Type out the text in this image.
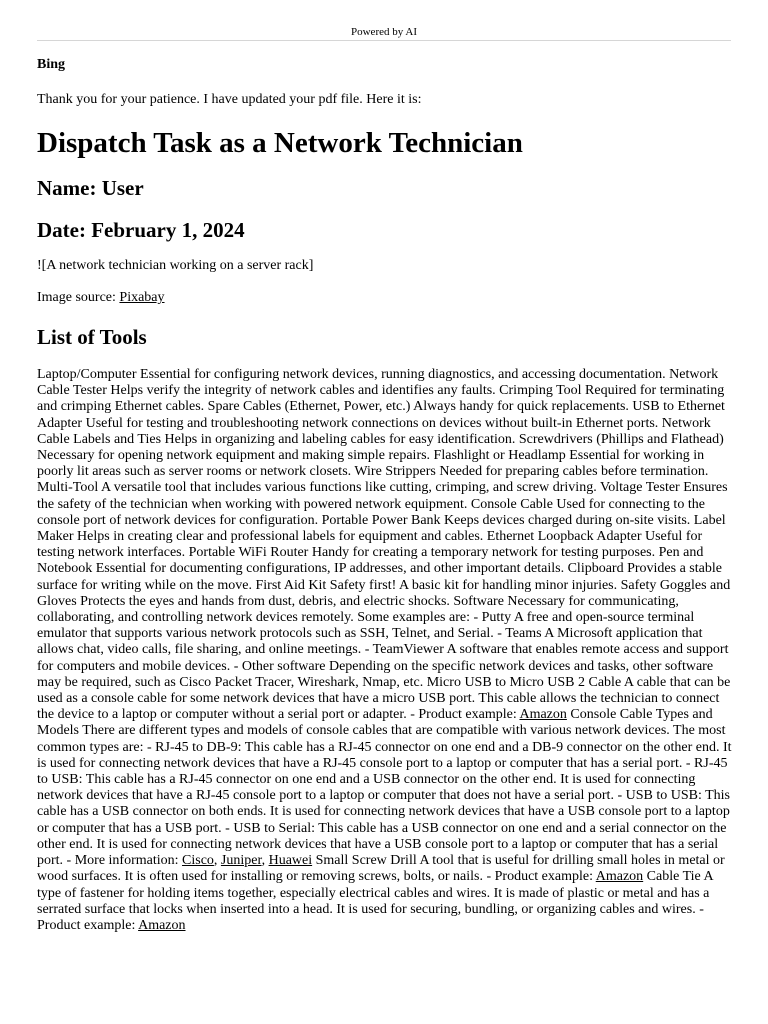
Powered by AI

Bing

Thank you for your patience. I have updated your pdf file. Here it is:

Dispatch Task as a Network Technician
Name: User
Date: February 1, 2024

![A network technician working on a server rack]

Image source: Pixabay

List of Tools

Laptop/Computer Essential for configuring network devices, running diagnostics, and accessing documentation. Network Cable Tester Helps verify the integrity of network cables and identifies any faults. Crimping Tool Required for terminating and crimping Ethernet cables. Spare Cables (Ethernet, Power, etc.) Always handy for quick replacements. USB to Ethernet Adapter Useful for testing and troubleshooting network connections on devices without built-in Ethernet ports. Network Cable Labels and Ties Helps in organizing and labeling cables for easy identification. Screwdrivers (Phillips and Flathead) Necessary for opening network equipment and making simple repairs. Flashlight or Headlamp Essential for working in poorly lit areas such as server rooms or network closets. Wire Strippers Needed for preparing cables before termination. Multi-Tool A versatile tool that includes various functions like cutting, crimping, and screw driving. Voltage Tester Ensures the safety of the technician when working with powered network equipment. Console Cable Used for connecting to the console port of network devices for configuration. Portable Power Bank Keeps devices charged during on-site visits. Label Maker Helps in creating clear and professional labels for equipment and cables. Ethernet Loopback Adapter Useful for testing network interfaces. Portable WiFi Router Handy for creating a temporary network for testing purposes. Pen and Notebook Essential for documenting configurations, IP addresses, and other important details. Clipboard Provides a stable surface for writing while on the move. First Aid Kit Safety first! A basic kit for handling minor injuries. Safety Goggles and Gloves Protects the eyes and hands from dust, debris, and electric shocks. Software Necessary for communicating, collaborating, and controlling network devices remotely. Some examples are: - Putty A free and open-source terminal emulator that supports various network protocols such as SSH, Telnet, and Serial. - Teams A Microsoft application that allows chat, video calls, file sharing, and online meetings. - TeamViewer A software that enables remote access and support for computers and mobile devices. - Other software Depending on the specific network devices and tasks, other software may be required, such as Cisco Packet Tracer, Wireshark, Nmap, etc. Micro USB to Micro USB 2 Cable A cable that can be used as a console cable for some network devices that have a micro USB port. This cable allows the technician to connect the device to a laptop or computer without a serial port or adapter. - Product example: Amazon Console Cable Types and Models There are different types and models of console cables that are compatible with various network devices. The most common types are: - RJ-45 to DB-9: This cable has a RJ-45 connector on one end and a DB-9 connector on the other end. It is used for connecting network devices that have a RJ-45 console port to a laptop or computer that has a serial port. - RJ-45 to USB: This cable has a RJ-45 connector on one end and a USB connector on the other end. It is used for connecting network devices that have a RJ-45 console port to a laptop or computer that does not have a serial port. - USB to USB: This cable has a USB connector on both ends. It is used for connecting network devices that have a USB console port to a laptop or computer that has a USB port. - USB to Serial: This cable has a USB connector on one end and a serial connector on the other end. It is used for connecting network devices that have a USB console port to a laptop or computer that has a serial port. - More information: Cisco, Juniper, Huawei Small Screw Drill A tool that is useful for drilling small holes in metal or wood surfaces. It is often used for installing or removing screws, bolts, or nails. - Product example: Amazon Cable Tie A type of fastener for holding items together, especially electrical cables and wires. It is made of plastic or metal and has a serrated surface that locks when inserted into a head. It is used for securing, bundling, or organizing cables and wires. - Product example: Amazon
